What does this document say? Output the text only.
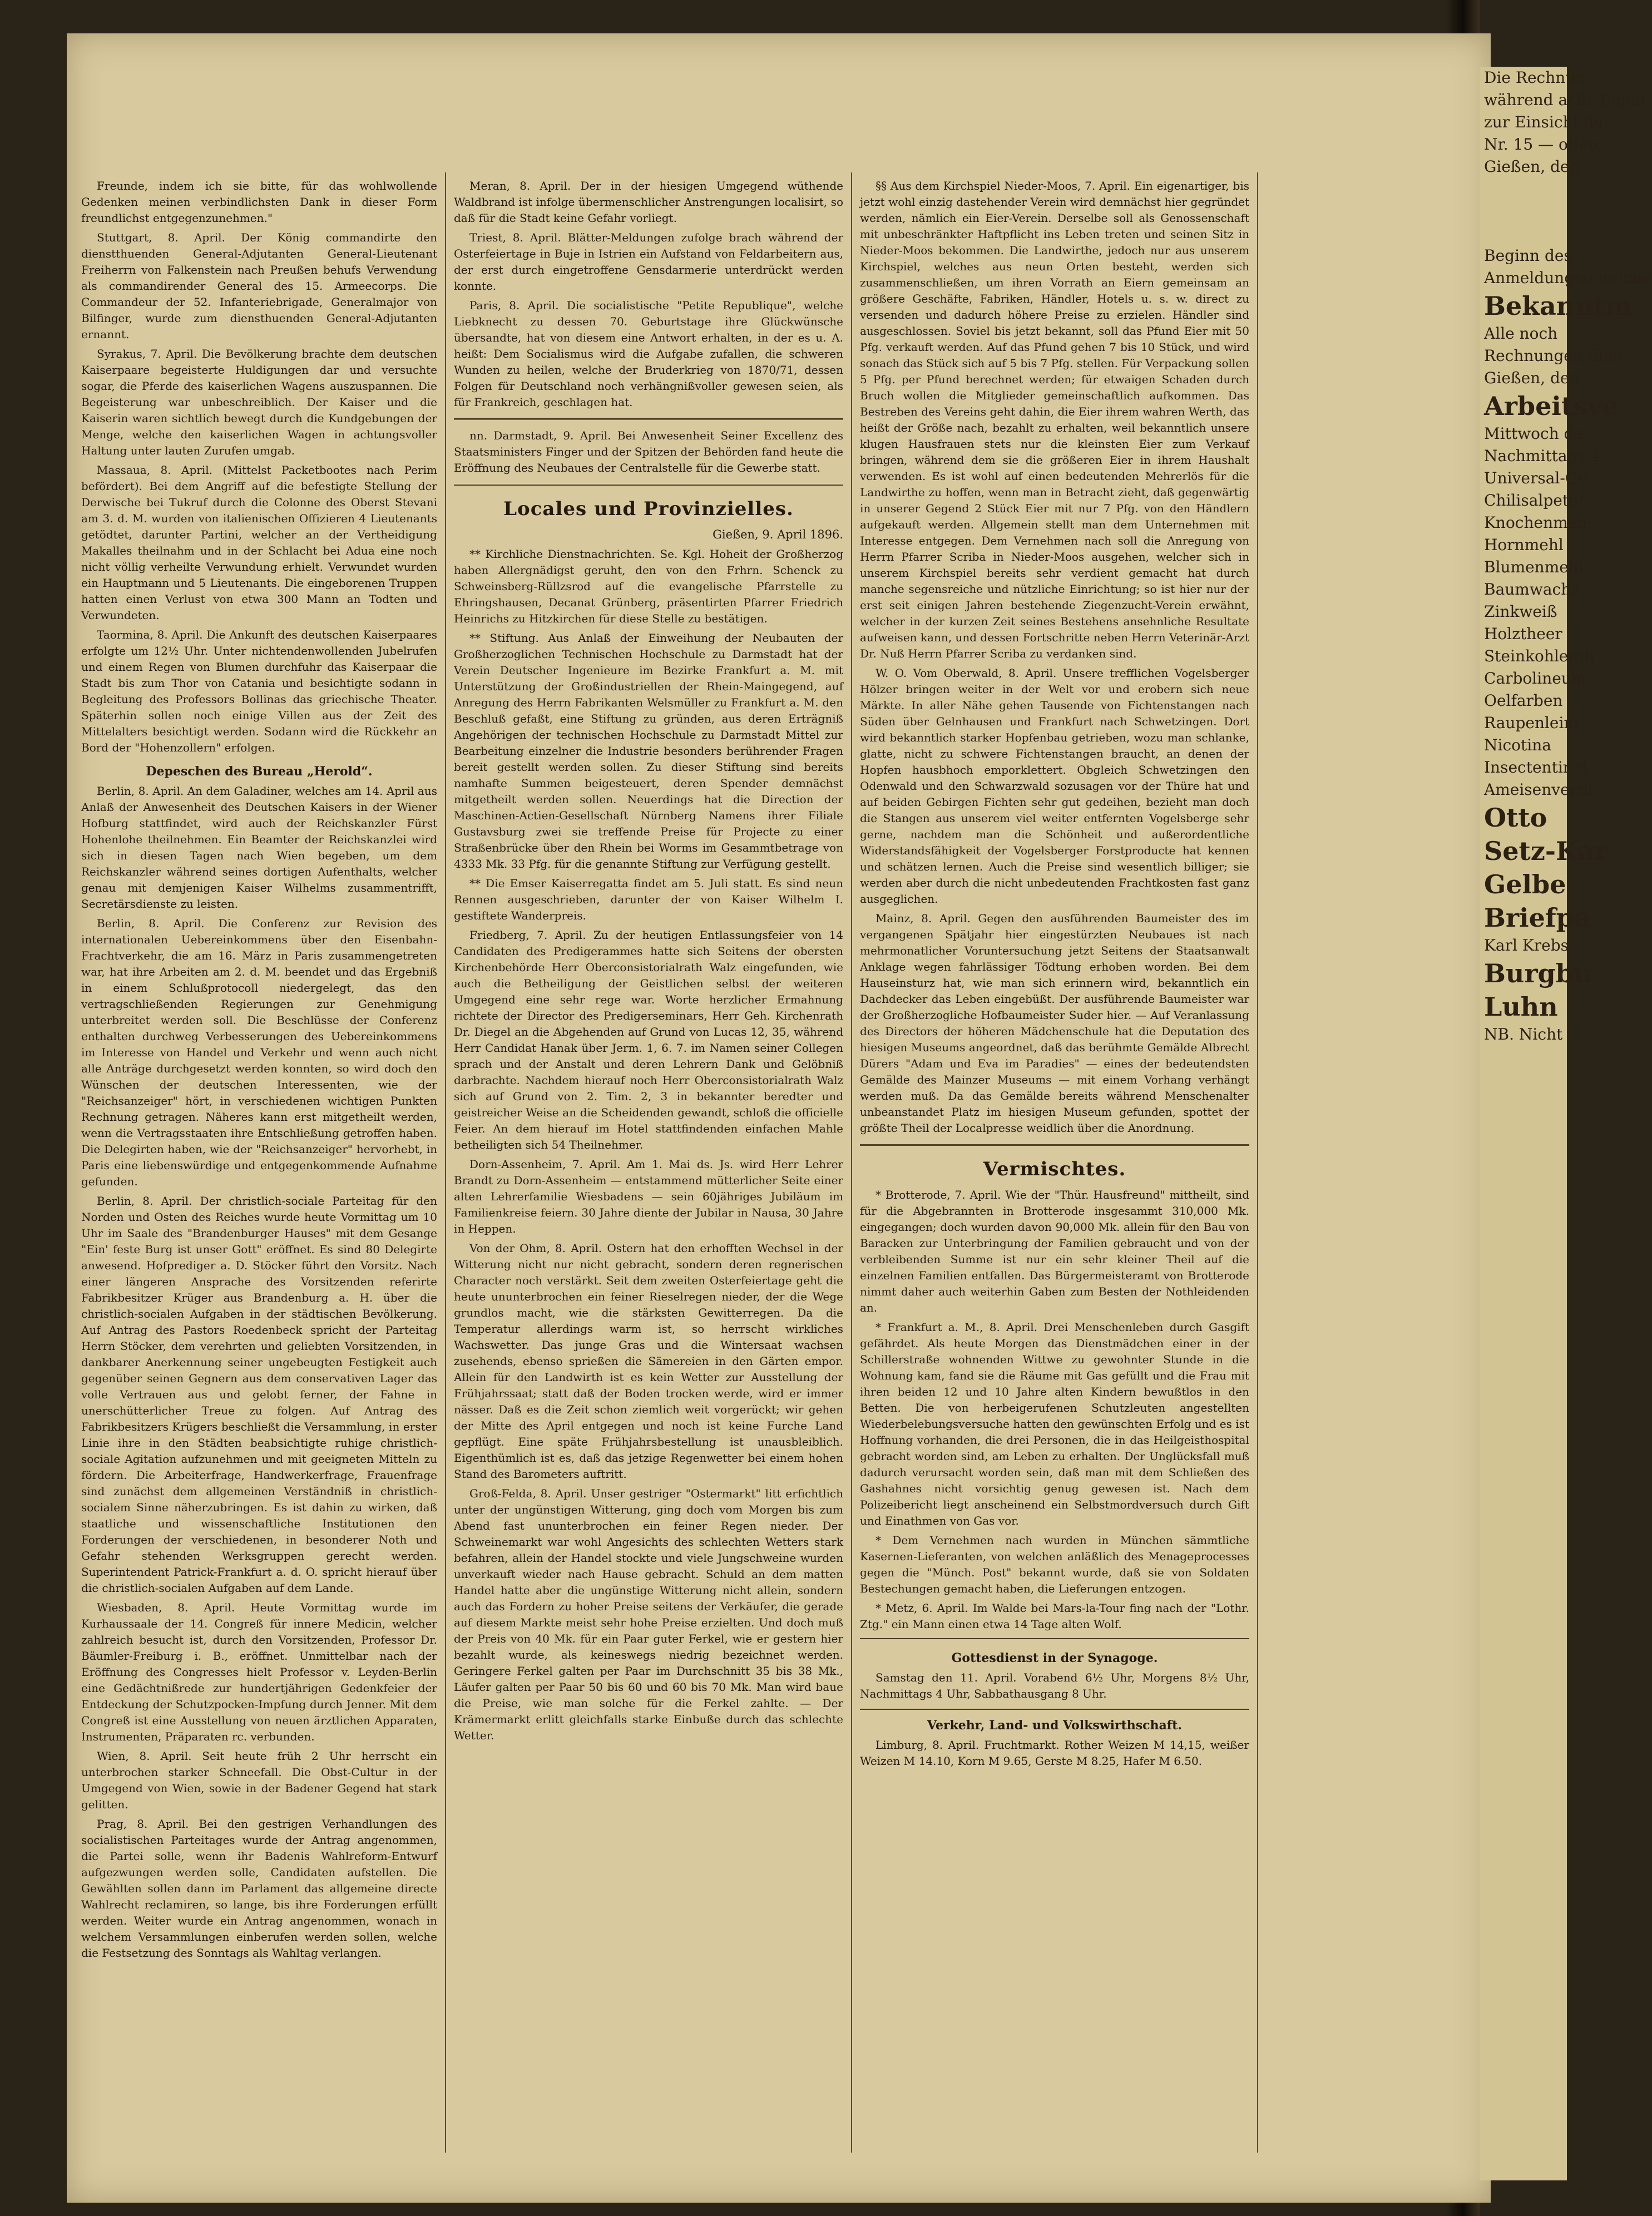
Freunde, indem ich sie bitte, für das wohlwollende Gedenken meinen verbindlichsten Dank in dieser Form freundlichst entgegenzunehmen."

Stuttgart, 8. April. Der König commandirte den dienstthuenden General-Adjutanten General-Lieutenant Freiherrn von Falkenstein nach Preußen behufs Verwendung als commandirender General des 15. Armeecorps. Die Commandeur der 52. Infanteriebrigade, Generalmajor von Bilfinger, wurde zum diensthuenden General-Adjutanten ernannt.

Syrakus, 7. April. Die Bevölkerung brachte dem deutschen Kaiserpaare begeisterte Huldigungen dar und versuchte sogar, die Pferde des kaiserlichen Wagens auszuspannen. Die Begeisterung war unbeschreiblich. Der Kaiser und die Kaiserin waren sichtlich bewegt durch die Kundgebungen der Menge, welche den kaiserlichen Wagen in achtungsvoller Haltung unter lauten Zurufen umgab.

Massaua, 8. April. (Mittelst Packetbootes nach Perim befördert). Bei dem Angriff auf die befestigte Stellung der Derwische bei Tukruf durch die Colonne des Oberst Stevani am 3. d. M. wurden von italienischen Offizieren 4 Lieutenants getödtet, darunter Partini, welcher an der Vertheidigung Makalles theilnahm und in der Schlacht bei Adua eine noch nicht völlig verheilte Verwundung erhielt. Verwundet wurden ein Hauptmann und 5 Lieutenants. Die eingeborenen Truppen hatten einen Verlust von etwa 300 Mann an Todten und Verwundeten.

Taormina, 8. April. Die Ankunft des deutschen Kaiserpaares erfolgte um 12½ Uhr. Unter nichtendenwollenden Jubelrufen und einem Regen von Blumen durchfuhr das Kaiserpaar die Stadt bis zum Thor von Catania und besichtigte sodann in Begleitung des Professors Bollinas das griechische Theater. Späterhin sollen noch einige Villen aus der Zeit des Mittelalters besichtigt werden. Sodann wird die Rückkehr an Bord der "Hohenzollern" erfolgen.

Depeschen des Bureau „Herold“.

Berlin, 8. April. An dem Galadiner, welches am 14. April aus Anlaß der Anwesenheit des Deutschen Kaisers in der Wiener Hofburg stattfindet, wird auch der Reichskanzler Fürst Hohenlohe theilnehmen. Ein Beamter der Reichskanzlei wird sich in diesen Tagen nach Wien begeben, um dem Reichskanzler während seines dortigen Aufenthalts, welcher genau mit demjenigen Kaiser Wilhelms zusammentrifft, Secretärsdienste zu leisten.

Berlin, 8. April. Die Conferenz zur Revision des internationalen Uebereinkommens über den Eisenbahn-Frachtverkehr, die am 16. März in Paris zusammengetreten war, hat ihre Arbeiten am 2. d. M. beendet und das Ergebniß in einem Schlußprotocoll niedergelegt, das den vertragschließenden Regierungen zur Genehmigung unterbreitet werden soll. Die Beschlüsse der Conferenz enthalten durchweg Verbesserungen des Uebereinkommens im Interesse von Handel und Verkehr und wenn auch nicht alle Anträge durchgesetzt werden konnten, so wird doch den Wünschen der deutschen Interessenten, wie der "Reichsanzeiger" hört, in verschiedenen wichtigen Punkten Rechnung getragen. Näheres kann erst mitgetheilt werden, wenn die Vertragsstaaten ihre Entschließung getroffen haben. Die Delegirten haben, wie der "Reichsanzeiger" hervorhebt, in Paris eine liebenswürdige und entgegenkommende Aufnahme gefunden.

Berlin, 8. April. Der christlich-sociale Parteitag für den Norden und Osten des Reiches wurde heute Vormittag um 10 Uhr im Saale des "Brandenburger Hauses" mit dem Gesange "Ein' feste Burg ist unser Gott" eröffnet. Es sind 80 Delegirte anwesend. Hofprediger a. D. Stöcker führt den Vorsitz. Nach einer längeren Ansprache des Vorsitzenden referirte Fabrikbesitzer Krüger aus Brandenburg a. H. über die christlich-socialen Aufgaben in der städtischen Bevölkerung. Auf Antrag des Pastors Roedenbeck spricht der Parteitag Herrn Stöcker, dem verehrten und geliebten Vorsitzenden, in dankbarer Anerkennung seiner ungebeugten Festigkeit auch gegenüber seinen Gegnern aus dem conservativen Lager das volle Vertrauen aus und gelobt ferner, der Fahne in unerschütterlicher Treue zu folgen. Auf Antrag des Fabrikbesitzers Krügers beschließt die Versammlung, in erster Linie ihre in den Städten beabsichtigte ruhige christlich-sociale Agitation aufzunehmen und mit geeigneten Mitteln zu fördern. Die Arbeiterfrage, Handwerkerfrage, Frauenfrage sind zunächst dem allgemeinen Verständniß in christlich-socialem Sinne näherzubringen. Es ist dahin zu wirken, daß staatliche und wissenschaftliche Institutionen den Forderungen der verschiedenen, in besonderer Noth und Gefahr stehenden Werksgruppen gerecht werden. Superintendent Patrick-Frankfurt a. d. O. spricht hierauf über die christlich-socialen Aufgaben auf dem Lande.

Wiesbaden, 8. April. Heute Vormittag wurde im Kurhaussaale der 14. Congreß für innere Medicin, welcher zahlreich besucht ist, durch den Vorsitzenden, Professor Dr. Bäumler-Freiburg i. B., eröffnet. Unmittelbar nach der Eröffnung des Congresses hielt Professor v. Leyden-Berlin eine Gedächtnißrede zur hundertjährigen Gedenkfeier der Entdeckung der Schutzpocken-Impfung durch Jenner. Mit dem Congreß ist eine Ausstellung von neuen ärztlichen Apparaten, Instrumenten, Präparaten rc. verbunden.

Wien, 8. April. Seit heute früh 2 Uhr herrscht ein unterbrochen starker Schneefall. Die Obst-Cultur in der Umgegend von Wien, sowie in der Badener Gegend hat stark gelitten.

Prag, 8. April. Bei den gestrigen Verhandlungen des socialistischen Parteitages wurde der Antrag angenommen, die Partei solle, wenn ihr Badenis Wahlreform-Entwurf aufgezwungen werden solle, Candidaten aufstellen. Die Gewählten sollen dann im Parlament das allgemeine directe Wahlrecht reclamiren, so lange, bis ihre Forderungen erfüllt werden. Weiter wurde ein Antrag angenommen, wonach in welchem Versammlungen einberufen werden sollen, welche die Festsetzung des Sonntags als Wahltag verlangen.

Meran, 8. April. Der in der hiesigen Umgegend wüthende Waldbrand ist infolge übermenschlicher Anstrengungen localisirt, so daß für die Stadt keine Gefahr vorliegt.

Triest, 8. April. Blätter-Meldungen zufolge brach während der Osterfeiertage in Buje in Istrien ein Aufstand von Feldarbeitern aus, der erst durch eingetroffene Gensdarmerie unterdrückt werden konnte.

Paris, 8. April. Die socialistische "Petite Republique", welche Liebknecht zu dessen 70. Geburtstage ihre Glückwünsche übersandte, hat von diesem eine Antwort erhalten, in der es u. A. heißt: Dem Socialismus wird die Aufgabe zufallen, die schweren Wunden zu heilen, welche der Bruderkrieg von 1870/71, dessen Folgen für Deutschland noch verhängnißvoller gewesen seien, als für Frankreich, geschlagen hat.

nn. Darmstadt, 9. April. Bei Anwesenheit Seiner Excellenz des Staatsministers Finger und der Spitzen der Behörden fand heute die Eröffnung des Neubaues der Centralstelle für die Gewerbe statt.

Locales und Provinzielles.
Gießen, 9. April 1896.

** Kirchliche Dienstnachrichten. Se. Kgl. Hoheit der Großherzog haben Allergnädigst geruht, den von den Frhrn. Schenck zu Schweinsberg-Rüllzsrod auf die evangelische Pfarrstelle zu Ehringshausen, Decanat Grünberg, präsentirten Pfarrer Friedrich Heinrichs zu Hitzkirchen für diese Stelle zu bestätigen.

** Stiftung. Aus Anlaß der Einweihung der Neubauten der Großherzoglichen Technischen Hochschule zu Darmstadt hat der Verein Deutscher Ingenieure im Bezirke Frankfurt a. M. mit Unterstützung der Großindustriellen der Rhein-Maingegend, auf Anregung des Herrn Fabrikanten Welsmüller zu Frankfurt a. M. den Beschluß gefaßt, eine Stiftung zu gründen, aus deren Erträgniß Angehörigen der technischen Hochschule zu Darmstadt Mittel zur Bearbeitung einzelner die Industrie besonders berührender Fragen bereit gestellt werden sollen. Zu dieser Stiftung sind bereits namhafte Summen beigesteuert, deren Spender demnächst mitgetheilt werden sollen. Neuerdings hat die Direction der Maschinen-Actien-Gesellschaft Nürnberg Namens ihrer Filiale Gustavsburg zwei sie treffende Preise für Projecte zu einer Straßenbrücke über den Rhein bei Worms im Gesammtbetrage von 4333 Mk. 33 Pfg. für die genannte Stiftung zur Verfügung gestellt.

** Die Emser Kaiserregatta findet am 5. Juli statt. Es sind neun Rennen ausgeschrieben, darunter der von Kaiser Wilhelm I. gestiftete Wanderpreis.

Friedberg, 7. April. Zu der heutigen Entlassungsfeier von 14 Candidaten des Predigerammes hatte sich Seitens der obersten Kirchenbehörde Herr Oberconsistorialrath Walz eingefunden, wie auch die Betheiligung der Geistlichen selbst der weiteren Umgegend eine sehr rege war. Worte herzlicher Ermahnung richtete der Director des Predigerseminars, Herr Geh. Kirchenrath Dr. Diegel an die Abgehenden auf Grund von Lucas 12, 35, während Herr Candidat Hanak über Jerm. 1, 6. 7. im Namen seiner Collegen sprach und der Anstalt und deren Lehrern Dank und Gelöbniß darbrachte. Nachdem hierauf noch Herr Oberconsistorialrath Walz sich auf Grund von 2. Tim. 2, 3 in bekannter beredter und geistreicher Weise an die Scheidenden gewandt, schloß die officielle Feier. An dem hierauf im Hotel stattfindenden einfachen Mahle betheiligten sich 54 Theilnehmer.

Dorn-Assenheim, 7. April. Am 1. Mai ds. Js. wird Herr Lehrer Brandt zu Dorn-Assenheim — entstammend mütterlicher Seite einer alten Lehrerfamilie Wiesbadens — sein 60jähriges Jubiläum im Familienkreise feiern. 30 Jahre diente der Jubilar in Nausa, 30 Jahre in Heppen.

Von der Ohm, 8. April. Ostern hat den erhofften Wechsel in der Witterung nicht nur nicht gebracht, sondern deren regnerischen Character noch verstärkt. Seit dem zweiten Osterfeiertage geht die heute ununterbrochen ein feiner Rieselregen nieder, der die Wege grundlos macht, wie die stärksten Gewitterregen. Da die Temperatur allerdings warm ist, so herrscht wirkliches Wachswetter. Das junge Gras und die Wintersaat wachsen zusehends, ebenso sprießen die Sämereien in den Gärten empor. Allein für den Landwirth ist es kein Wetter zur Ausstellung der Frühjahrssaat; statt daß der Boden trocken werde, wird er immer nässer. Daß es die Zeit schon ziemlich weit vorgerückt; wir gehen der Mitte des April entgegen und noch ist keine Furche Land gepflügt. Eine späte Frühjahrsbestellung ist unausbleiblich. Eigenthümlich ist es, daß das jetzige Regenwetter bei einem hohen Stand des Barometers auftritt.

Groß-Felda, 8. April. Unser gestriger "Ostermarkt" litt erfichtlich unter der ungünstigen Witterung, ging doch vom Morgen bis zum Abend fast ununterbrochen ein feiner Regen nieder. Der Schweinemarkt war wohl Angesichts des schlechten Wetters stark befahren, allein der Handel stockte und viele Jungschweine wurden unverkauft wieder nach Hause gebracht. Schuld an dem matten Handel hatte aber die ungünstige Witterung nicht allein, sondern auch das Fordern zu hoher Preise seitens der Verkäufer, die gerade auf diesem Markte meist sehr hohe Preise erzielten. Und doch muß der Preis von 40 Mk. für ein Paar guter Ferkel, wie er gestern hier bezahlt wurde, als keineswegs niedrig bezeichnet werden. Geringere Ferkel galten per Paar im Durchschnitt 35 bis 38 Mk., Läufer galten per Paar 50 bis 60 und 60 bis 70 Mk. Man wird baue die Preise, wie man solche für die Ferkel zahlte. — Der Krämermarkt erlitt gleichfalls starke Einbuße durch das schlechte Wetter.

§§ Aus dem Kirchspiel Nieder-Moos, 7. April. Ein eigenartiger, bis jetzt wohl einzig dastehender Verein wird demnächst hier gegründet werden, nämlich ein Eier-Verein. Derselbe soll als Genossenschaft mit unbeschränkter Haftpflicht ins Leben treten und seinen Sitz in Nieder-Moos bekommen. Die Landwirthe, jedoch nur aus unserem Kirchspiel, welches aus neun Orten besteht, werden sich zusammenschließen, um ihren Vorrath an Eiern gemeinsam an größere Geschäfte, Fabriken, Händler, Hotels u. s. w. direct zu versenden und dadurch höhere Preise zu erzielen. Händler sind ausgeschlossen. Soviel bis jetzt bekannt, soll das Pfund Eier mit 50 Pfg. verkauft werden. Auf das Pfund gehen 7 bis 10 Stück, und wird sonach das Stück sich auf 5 bis 7 Pfg. stellen. Für Verpackung sollen 5 Pfg. per Pfund berechnet werden; für etwaigen Schaden durch Bruch wollen die Mitglieder gemeinschaftlich aufkommen. Das Bestreben des Vereins geht dahin, die Eier ihrem wahren Werth, das heißt der Größe nach, bezahlt zu erhalten, weil bekanntlich unsere klugen Hausfrauen stets nur die kleinsten Eier zum Verkauf bringen, während dem sie die größeren Eier in ihrem Haushalt verwenden. Es ist wohl auf einen bedeutenden Mehrerlös für die Landwirthe zu hoffen, wenn man in Betracht zieht, daß gegenwärtig in unserer Gegend 2 Stück Eier mit nur 7 Pfg. von den Händlern aufgekauft werden. Allgemein stellt man dem Unternehmen mit Interesse entgegen. Dem Vernehmen nach soll die Anregung von Herrn Pfarrer Scriba in Nieder-Moos ausgehen, welcher sich in unserem Kirchspiel bereits sehr verdient gemacht hat durch manche segensreiche und nützliche Einrichtung; so ist hier nur der erst seit einigen Jahren bestehende Ziegenzucht-Verein erwähnt, welcher in der kurzen Zeit seines Bestehens ansehnliche Resultate aufweisen kann, und dessen Fortschritte neben Herrn Veterinär-Arzt Dr. Nuß Herrn Pfarrer Scriba zu verdanken sind.

W. O. Vom Oberwald, 8. April. Unsere trefflichen Vogelsberger Hölzer bringen weiter in der Welt vor und erobern sich neue Märkte. In aller Nähe gehen Tausende von Fichtenstangen nach Süden über Gelnhausen und Frankfurt nach Schwetzingen. Dort wird bekanntlich starker Hopfenbau getrieben, wozu man schlanke, glatte, nicht zu schwere Fichtenstangen braucht, an denen der Hopfen hausbhoch emporklettert. Obgleich Schwetzingen den Odenwald und den Schwarzwald sozusagen vor der Thüre hat und auf beiden Gebirgen Fichten sehr gut gedeihen, bezieht man doch die Stangen aus unserem viel weiter entfernten Vogelsberge sehr gerne, nachdem man die Schönheit und außerordentliche Widerstandsfähigkeit der Vogelsberger Forstproducte hat kennen und schätzen lernen. Auch die Preise sind wesentlich billiger; sie werden aber durch die nicht unbedeutenden Frachtkosten fast ganz ausgeglichen.

Mainz, 8. April. Gegen den ausführenden Baumeister des im vergangenen Spätjahr hier eingestürzten Neubaues ist nach mehrmonatlicher Voruntersuchung jetzt Seitens der Staatsanwalt Anklage wegen fahrlässiger Tödtung erhoben worden. Bei dem Hauseinsturz hat, wie man sich erinnern wird, bekanntlich ein Dachdecker das Leben eingebüßt. Der ausführende Baumeister war der Großherzogliche Hofbaumeister Suder hier. — Auf Veranlassung des Directors der höheren Mädchenschule hat die Deputation des hiesigen Museums angeordnet, daß das berühmte Gemälde Albrecht Dürers "Adam und Eva im Paradies" — eines der bedeutendsten Gemälde des Mainzer Museums — mit einem Vorhang verhängt werden muß. Da das Gemälde bereits während Menschenalter unbeanstandet Platz im hiesigen Museum gefunden, spottet der größte Theil der Localpresse weidlich über die Anordnung.

Vermischtes.

* Brotterode, 7. April. Wie der "Thür. Hausfreund" mittheilt, sind für die Abgebrannten in Brotterode insgesammt 310,000 Mk. eingegangen; doch wurden davon 90,000 Mk. allein für den Bau von Baracken zur Unterbringung der Familien gebraucht und von der verbleibenden Summe ist nur ein sehr kleiner Theil auf die einzelnen Familien entfallen. Das Bürgermeisteramt von Brotterode nimmt daher auch weiterhin Gaben zum Besten der Nothleidenden an.

* Frankfurt a. M., 8. April. Drei Menschenleben durch Gasgift gefährdet. Als heute Morgen das Dienstmädchen einer in der Schillerstraße wohnenden Wittwe zu gewohnter Stunde in die Wohnung kam, fand sie die Räume mit Gas gefüllt und die Frau mit ihren beiden 12 und 10 Jahre alten Kindern bewußtlos in den Betten. Die von herbeigerufenen Schutzleuten angestellten Wiederbelebungsversuche hatten den gewünschten Erfolg und es ist Hoffnung vorhanden, die drei Personen, die in das Heilgeisthospital gebracht worden sind, am Leben zu erhalten. Der Unglücksfall muß dadurch verursacht worden sein, daß man mit dem Schließen des Gashahnes nicht vorsichtig genug gewesen ist. Nach dem Polizeibericht liegt anscheinend ein Selbstmordversuch durch Gift und Einathmen von Gas vor.

* Dem Vernehmen nach wurden in München sämmtliche Kasernen-Lieferanten, von welchen anläßlich des Menageprocesses gegen die "Münch. Post" bekannt wurde, daß sie von Soldaten Bestechungen gemacht haben, die Lieferungen entzogen.

* Metz, 6. April. Im Walde bei Mars-la-Tour fing nach der "Lothr. Ztg." ein Mann einen etwa 14 Tage alten Wolf.

Gottesdienst in der Synagoge.

Samstag den 11. April. Vorabend 6½ Uhr, Morgens 8½ Uhr, Nachmittags 4 Uhr, Sabbathausgang 8 Uhr.

Verkehr, Land- und Volkswirthschaft.

Limburg, 8. April. Fruchtmarkt. Rother Weizen M 14,15, weißer Weizen M 14.10, Korn M 9.65, Gerste M 8.25, Hafer M 6.50.

Die Rechnun
während acht Tagen
zur Einsicht der
Nr. 15 — offen
Gießen, den
Beginn des
Anmeldungen nehme
Bekanntm
Alle noch
Rechnungen über
Gießen, den
Arbeitsve
Mittwoch de
Nachmittags 4
Universal-Ge
Chilisalpeter
Knochenmehl
Hornmehl
Blumenmehl
Baumwachs
Zinkweiß
Holztheer
Steinkohlenth
Carbolineum
Oelfarben
Raupenleim
Nicotina
Insectentinct
Ameisenvertil
Otto
Setz-Kar
Gelbe
Briefpa
Karl Krebs
Burgbu
Luhn
NB. Nicht
